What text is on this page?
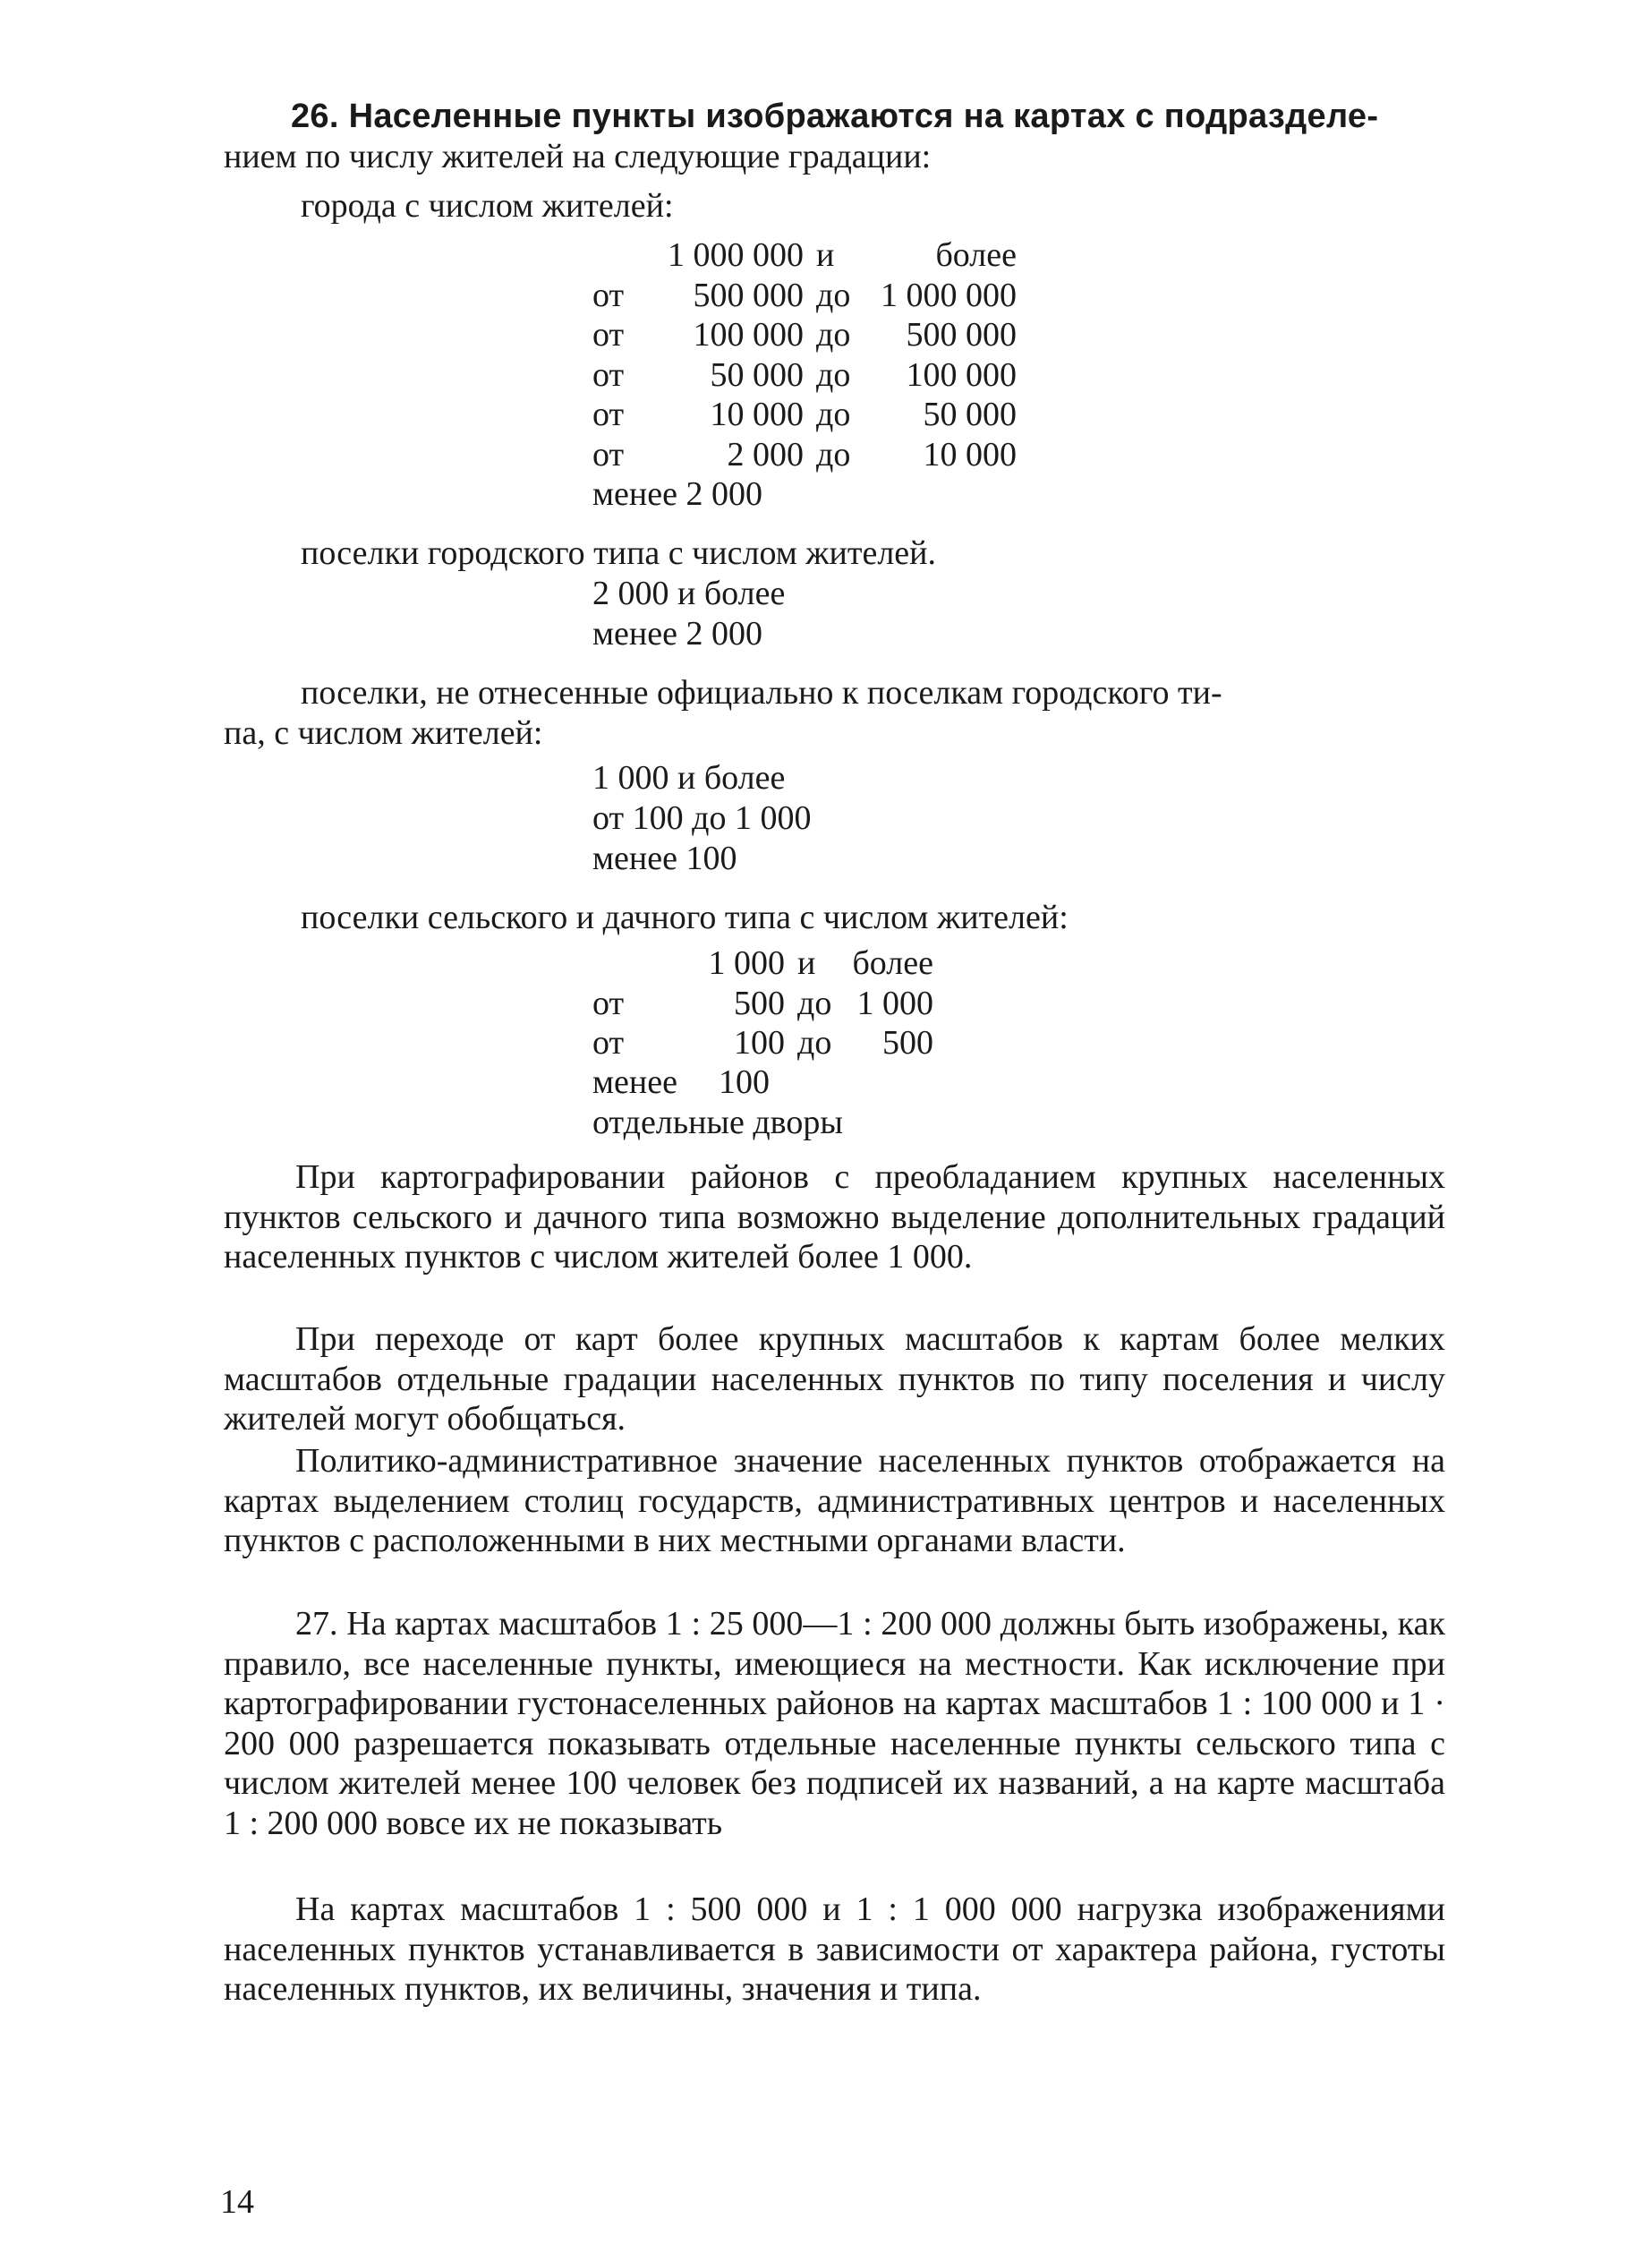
26. Населенные пункты изображаются на картах с подразделе-

нием по числу жителей на следующие градации:

города с числом жителей:

	1 000 000	и	более
от	500 000	до	1 000 000
от	100 000	до	500 000
от	50 000	до	100 000
от	10 000	до	50 000
от	2 000	до	10 000

менее 2 000

поселки городского типа с числом жителей.

2 000 и более

менее 2 000

поселки, не отнесенные официально к поселкам городского ти-

па, с числом жителей:

1 000 и более

от 100 до 1 000

менее 100

поселки сельского и дачного типа с числом жителей:

	1 000	и	более
от	500	до	1 000
от	100	до	500

менее 100

отдельные дворы

При картографировании районов с преобладанием крупных населенных пунктов сельского и дачного типа возможно выделение дополнительных градаций населенных пунктов с числом жителей более 1 000.

При переходе от карт более крупных масштабов к картам более мелких масштабов отдельные градации населенных пунктов по типу поселения и числу жителей могут обобщаться.

Политико-административное значение населенных пунктов отображается на картах выделением столиц государств, административных центров и населенных пунктов с расположенными в них местными органами власти.

27. На картах масштабов 1 : 25 000—1 : 200 000 должны быть изображены, как правило, все населенные пункты, имеющиеся на местности. Как исключение при картографировании густонаселенных районов на картах масштабов 1 : 100 000 и 1 · 200 000 разрешается показывать отдельные населенные пункты сельского типа с числом жителей менее 100 человек без подписей их названий, а на карте масштаба 1 : 200 000 вовсе их не показывать

На картах масштабов 1 : 500 000 и 1 : 1 000 000 нагрузка изображениями населенных пунктов устанавливается в зависимости от характера района, густоты населенных пунктов, их величины, значения и типа.

14
